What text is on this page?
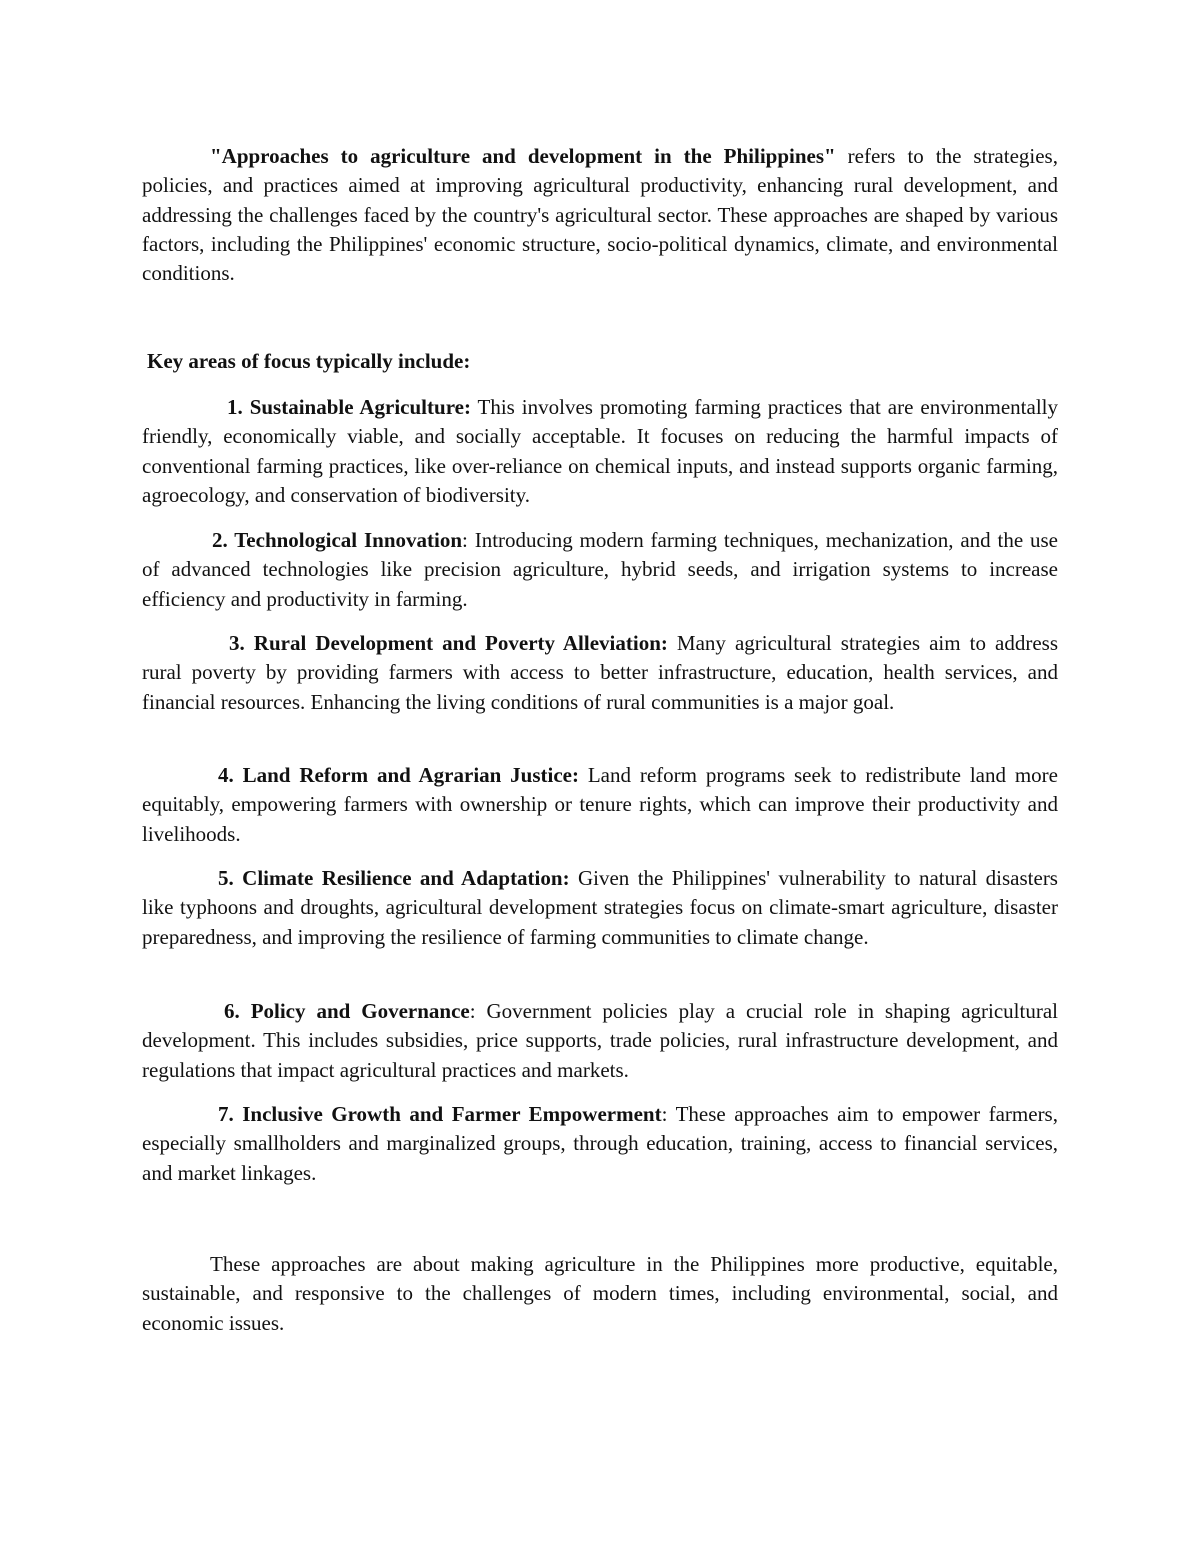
"Approaches to agriculture and development in the Philippines" refers to the strategies, policies, and practices aimed at improving agricultural productivity, enhancing rural development, and addressing the challenges faced by the country's agricultural sector. These approaches are shaped by various factors, including the Philippines' economic structure, socio-political dynamics, climate, and environmental conditions.

Key areas of focus typically include:

1. Sustainable Agriculture: This involves promoting farming practices that are environmentally friendly, economically viable, and socially acceptable. It focuses on reducing the harmful impacts of conventional farming practices, like over-reliance on chemical inputs, and instead supports organic farming, agroecology, and conservation of biodiversity.

2. Technological Innovation: Introducing modern farming techniques, mechanization, and the use of advanced technologies like precision agriculture, hybrid seeds, and irrigation systems to increase efficiency and productivity in farming.

3. Rural Development and Poverty Alleviation: Many agricultural strategies aim to address rural poverty by providing farmers with access to better infrastructure, education, health services, and financial resources. Enhancing the living conditions of rural communities is a major goal.

4. Land Reform and Agrarian Justice: Land reform programs seek to redistribute land more equitably, empowering farmers with ownership or tenure rights, which can improve their productivity and livelihoods.

5. Climate Resilience and Adaptation: Given the Philippines' vulnerability to natural disasters like typhoons and droughts, agricultural development strategies focus on climate-smart agriculture, disaster preparedness, and improving the resilience of farming communities to climate change.

6. Policy and Governance: Government policies play a crucial role in shaping agricultural development. This includes subsidies, price supports, trade policies, rural infrastructure development, and regulations that impact agricultural practices and markets.

7. Inclusive Growth and Farmer Empowerment: These approaches aim to empower farmers, especially smallholders and marginalized groups, through education, training, access to financial services, and market linkages.

These approaches are about making agriculture in the Philippines more productive, equitable, sustainable, and responsive to the challenges of modern times, including environmental, social, and economic issues.
